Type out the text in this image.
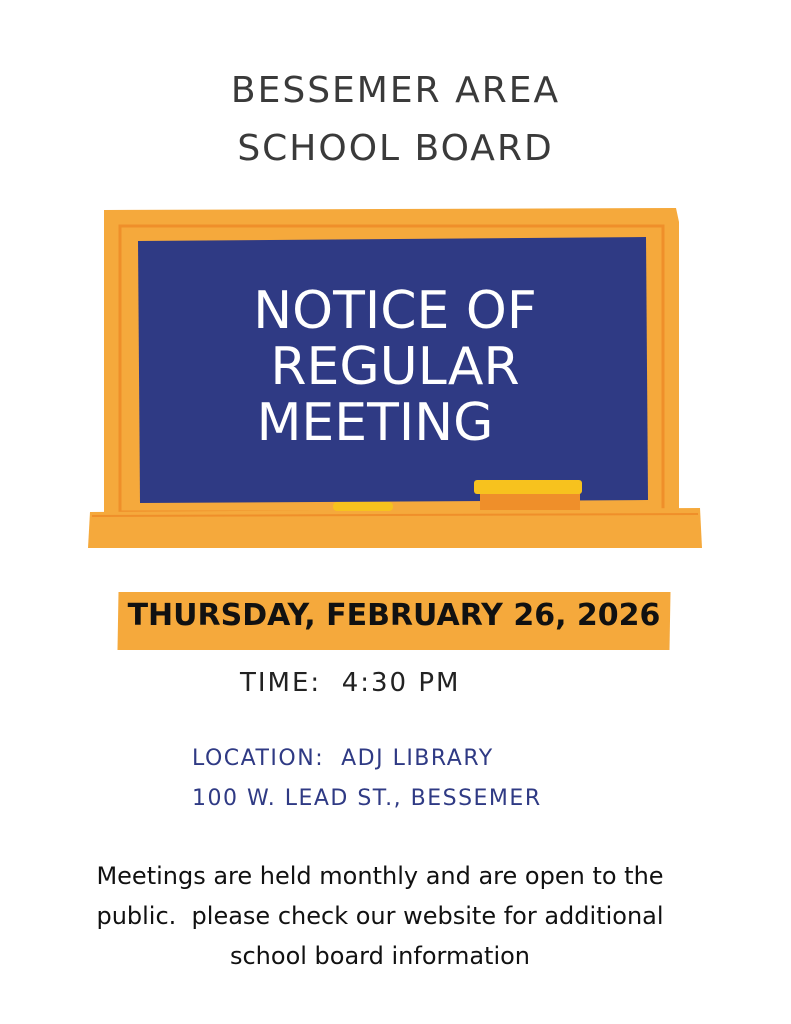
BESSEMER AREA
SCHOOL BOARD
NOTICE OF
REGULAR
MEETING

THURSDAY, FEBRUARY 26, 2026

TIME:  4:30 PM

LOCATION:  ADJ LIBRARY

100 W. LEAD ST., BESSEMER

Meetings are held monthly and are open to the

public.  please check our website for additional

school board information
